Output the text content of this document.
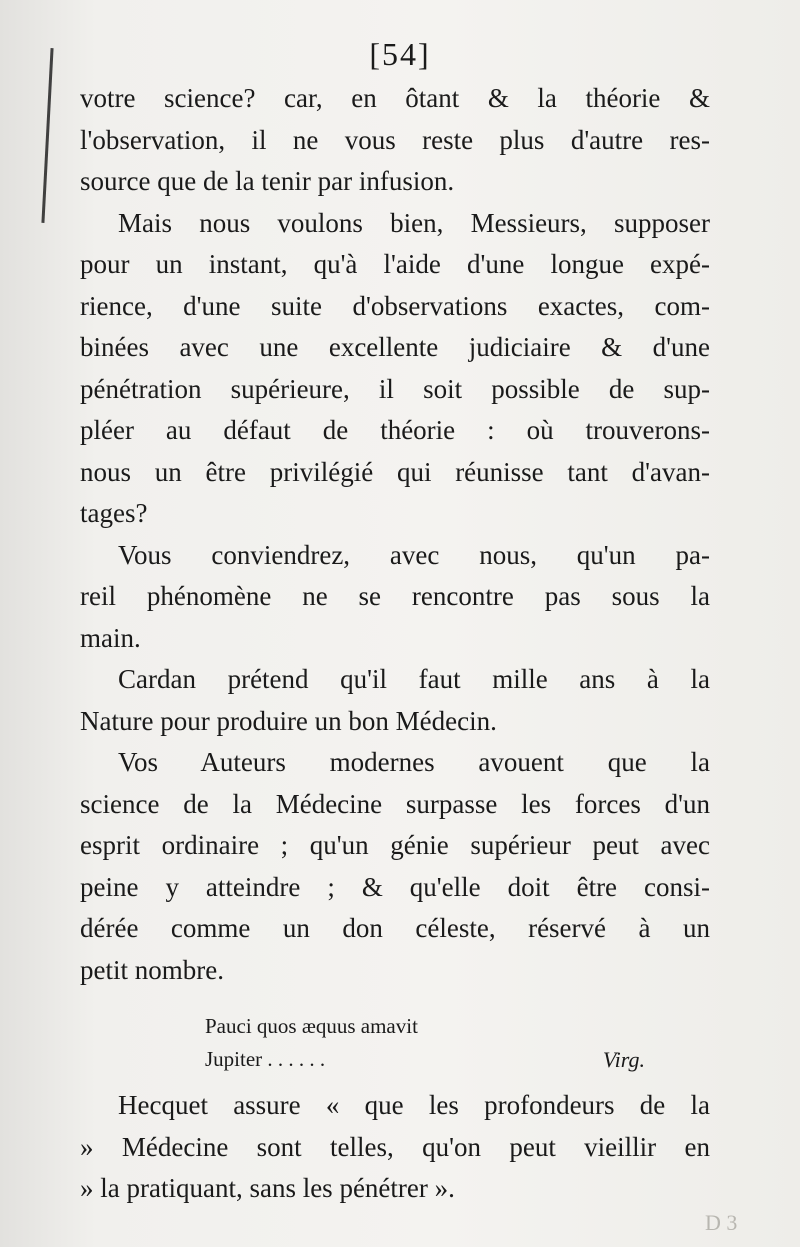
[54]
votre science? car, en ôtant & la théorie &
l'observation, il ne vous reste plus d'autre res-
source que de la tenir par infusion.
Mais nous voulons bien, Messieurs, supposer
pour un instant, qu'à l'aide d'une longue expé-
rience, d'une suite d'observations exactes, com-
binées avec une excellente judiciaire & d'une
pénétration supérieure, il soit possible de sup-
pléer au défaut de théorie : où trouverons-
nous un être privilégié qui réunisse tant d'avan-
tages?
Vous conviendrez, avec nous, qu'un pa-
reil phénomène ne se rencontre pas sous la
main.
Cardan prétend qu'il faut mille ans à la
Nature pour produire un bon Médecin.
Vos Auteurs modernes avouent que la
science de la Médecine surpasse les forces d'un
esprit ordinaire ; qu'un génie supérieur peut avec
peine y atteindre ; & qu'elle doit être consi-
dérée comme un don céleste, réservé à un
petit nombre.
Pauci quos æquus amavit
Jupiter . . . . . .	Virg.
Hecquet assure « que les profondeurs de la
» Médecine sont telles, qu'on peut vieillir en
» la pratiquant, sans les pénétrer ».
D 3
